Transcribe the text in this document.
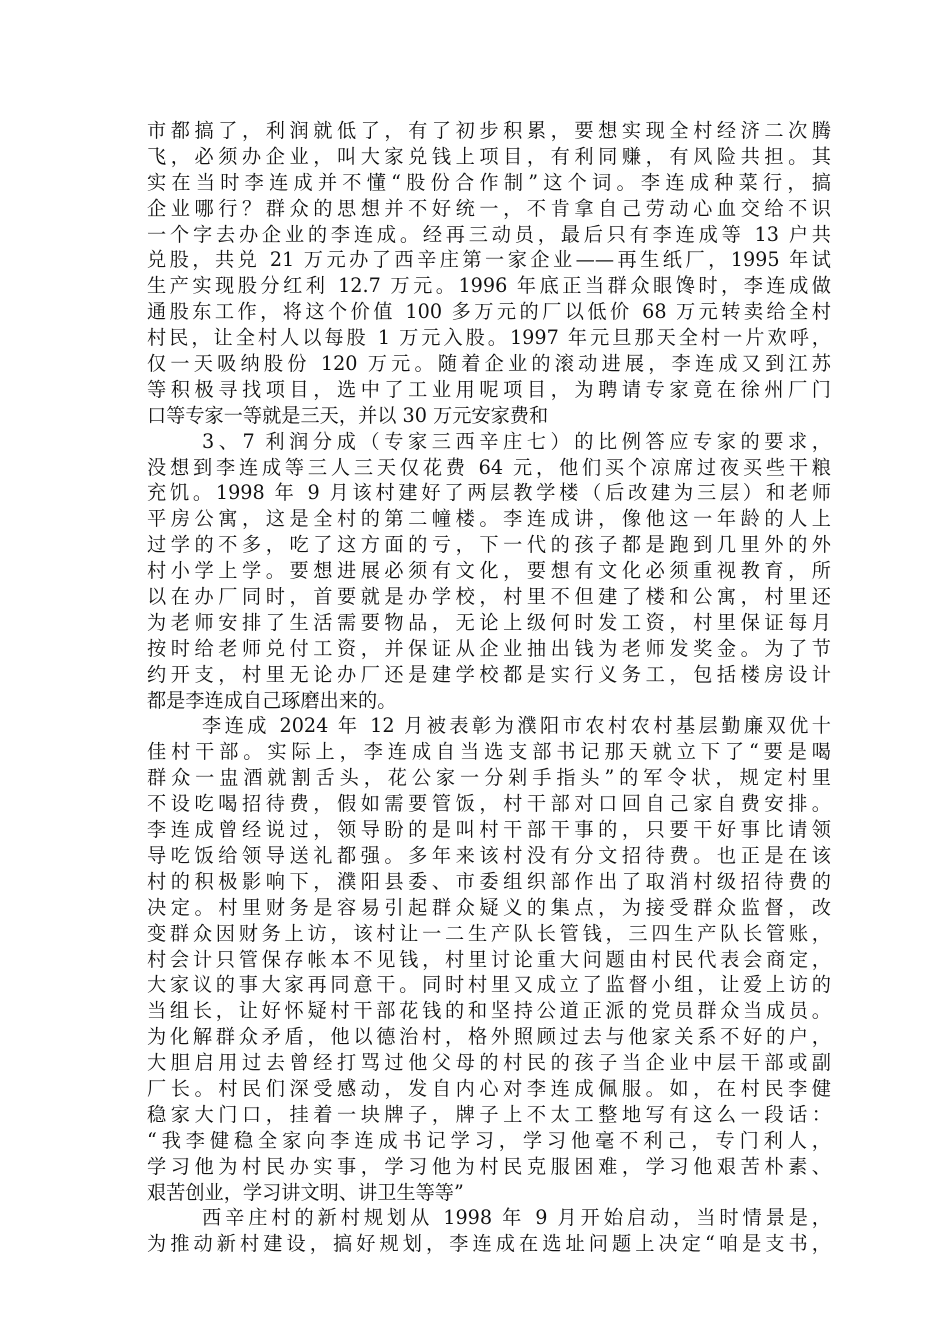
市都搞了，利润就低了，有了初步积累，要想实现全村经济二次腾
飞，必须办企业，叫大家兑钱上项目，有利同赚，有风险共担。其
实在当时李连成并不懂“股份合作制”这个词。李连成种菜行，搞
企业哪行？群众的思想并不好统一，不肯拿自己劳动心血交给不识
一个字去办企业的李连成。经再三动员，最后只有李连成等 13 户共
兑股，共兑 21 万元办了西辛庄第一家企业——再生纸厂，1995 年试
生产实现股分红利 12.7 万元。1996 年底正当群众眼馋时，李连成做
通股东工作，将这个价值 100 多万元的厂以低价 68 万元转卖给全村
村民，让全村人以每股 1 万元入股。1997 年元旦那天全村一片欢呼，
仅一天吸纳股份 120 万元。随着企业的滚动进展，李连成又到江苏
等积极寻找项目，选中了工业用呢项目，为聘请专家竟在徐州厂门
口等专家一等就是三天，并以 30 万元安家费和
3、7 利润分成（专家三西辛庄七）的比例答应专家的要求，
没想到李连成等三人三天仅花费 64 元，他们买个凉席过夜买些干粮
充饥。1998 年 9 月该村建好了两层教学楼（后改建为三层）和老师
平房公寓，这是全村的第二幢楼。李连成讲，像他这一年龄的人上
过学的不多，吃了这方面的亏，下一代的孩子都是跑到几里外的外
村小学上学。要想进展必须有文化，要想有文化必须重视教育，所
以在办厂同时，首要就是办学校，村里不但建了楼和公寓，村里还
为老师安排了生活需要物品，无论上级何时发工资，村里保证每月
按时给老师兑付工资，并保证从企业抽出钱为老师发奖金。为了节
约开支，村里无论办厂还是建学校都是实行义务工，包括楼房设计
都是李连成自己琢磨出来的。
李连成 2024 年 12 月被表彰为濮阳市农村农村基层勤廉双优十
佳村干部。实际上，李连成自当选支部书记那天就立下了“要是喝
群众一盅酒就割舌头，花公家一分剁手指头”的军令状，规定村里
不设吃喝招待费，假如需要管饭，村干部对口回自己家自费安排。
李连成曾经说过，领导盼的是叫村干部干事的，只要干好事比请领
导吃饭给领导送礼都强。多年来该村没有分文招待费。也正是在该
村的积极影响下，濮阳县委、市委组织部作出了取消村级招待费的
决定。村里财务是容易引起群众疑义的集点，为接受群众监督，改
变群众因财务上访，该村让一二生产队长管钱，三四生产队长管账，
村会计只管保存帐本不见钱，村里讨论重大问题由村民代表会商定，
大家议的事大家再同意干。同时村里又成立了监督小组，让爱上访的
当组长，让好怀疑村干部花钱的和坚持公道正派的党员群众当成员。
为化解群众矛盾，他以德治村，格外照顾过去与他家关系不好的户，
大胆启用过去曾经打骂过他父母的村民的孩子当企业中层干部或副
厂长。村民们深受感动，发自内心对李连成佩服。如，在村民李健
稳家大门口，挂着一块牌子，牌子上不太工整地写有这么一段话：
“我李健稳全家向李连成书记学习，学习他毫不利己，专门利人，
学习他为村民办实事，学习他为村民克服困难，学习他艰苦朴素、
艰苦创业，学习讲文明、讲卫生等等”
西辛庄村的新村规划从 1998 年 9 月开始启动，当时情景是，
为推动新村建设，搞好规划，李连成在选址问题上决定“咱是支书，
